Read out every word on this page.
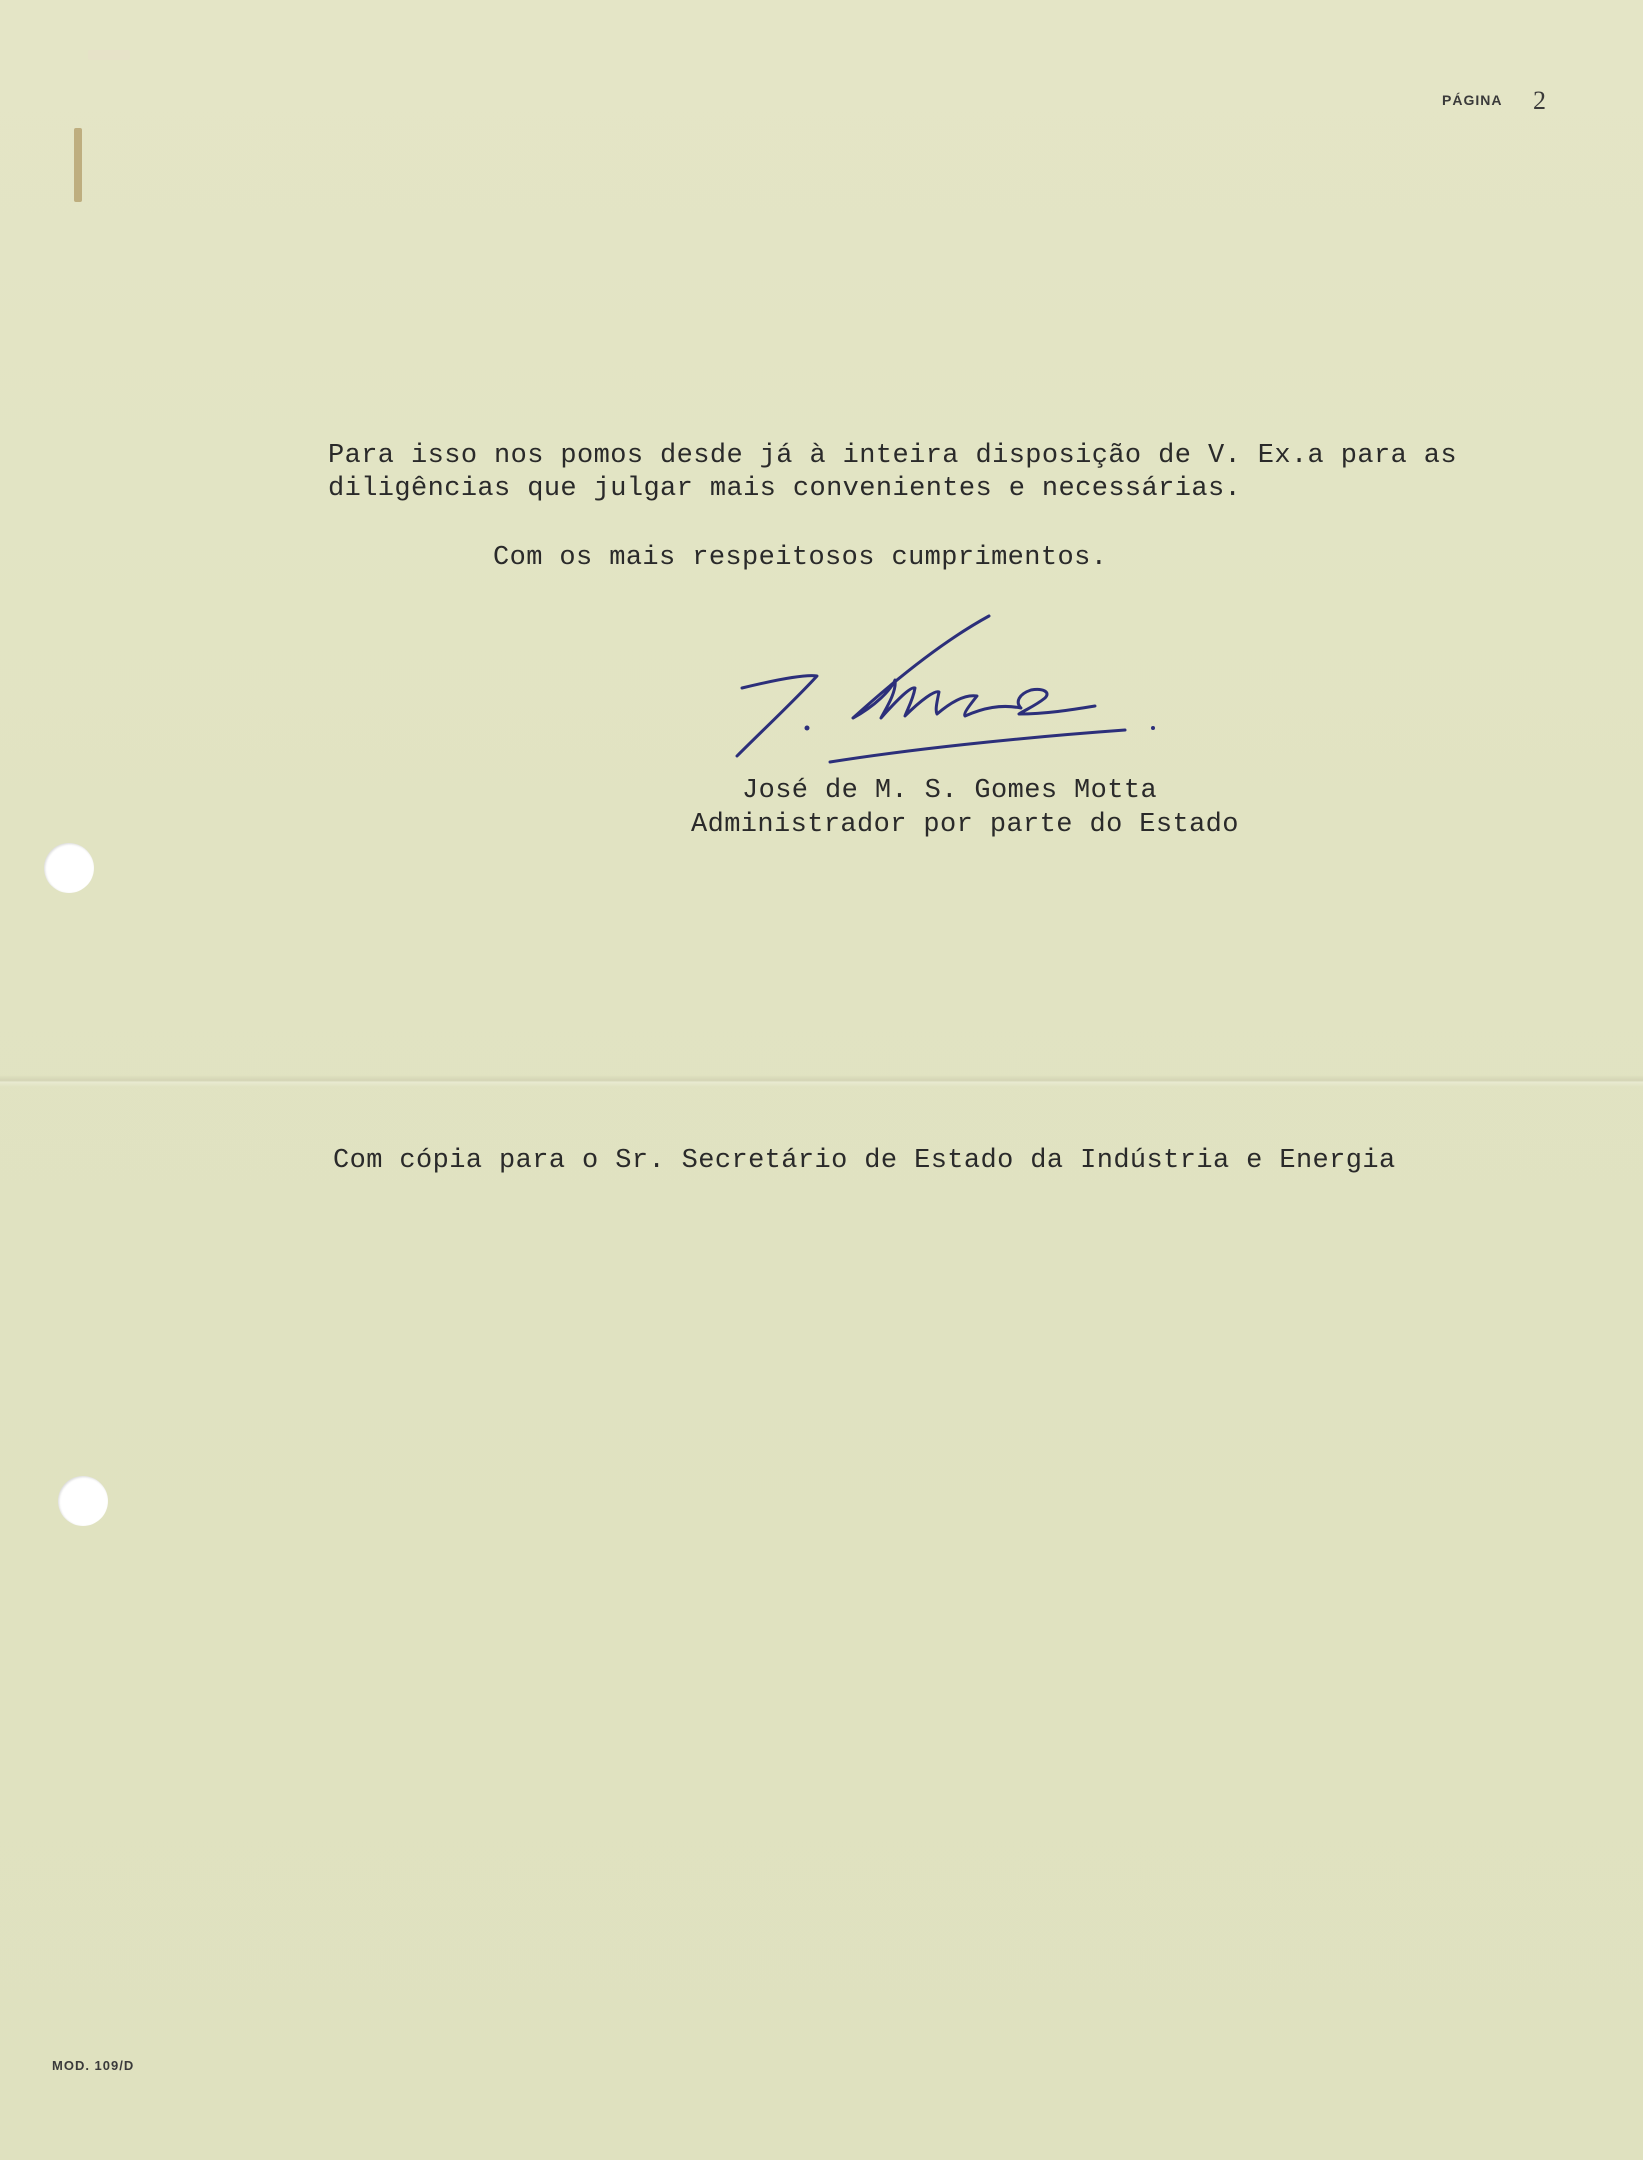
PÁGINA 2
Para isso nos pomos desde já à inteira disposição de V. Ex.a para as
diligências que julgar mais convenientes e necessárias.
Com os mais respeitosos cumprimentos.
José de M. S. Gomes Motta
Administrador por parte do Estado
Com cópia para o Sr. Secretário de Estado da Indústria e Energia
MOD. 109/D
